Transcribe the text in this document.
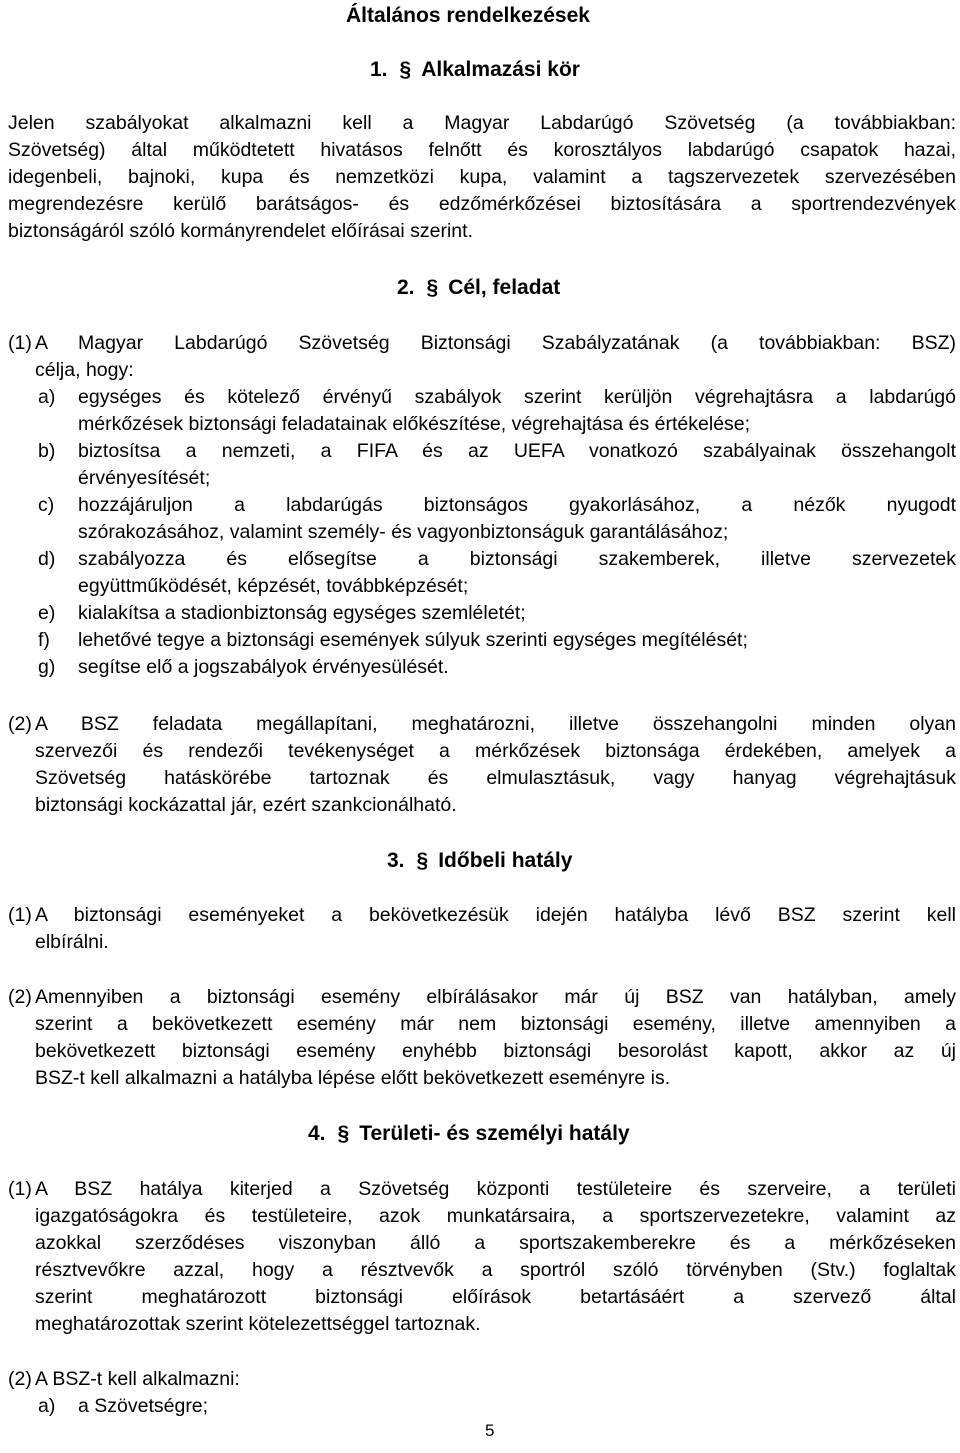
Általános rendelkezések
1. § Alkalmazási kör
Jelen szabályokat alkalmazni kell a Magyar Labdarúgó Szövetség (a továbbiakban:
Szövetség) által működtetett hivatásos felnőtt és korosztályos labdarúgó csapatok hazai,
idegenbeli, bajnoki, kupa és nemzetközi kupa, valamint a tagszervezetek szervezésében
megrendezésre kerülő barátságos- és edzőmérkőzései biztosítására a sportrendezvények
biztonságáról szóló kormányrendelet előírásai szerint.
2. § Cél, feladat
(1) A Magyar Labdarúgó Szövetség Biztonsági Szabályzatának (a továbbiakban: BSZ)
célja, hogy:
a) egységes és kötelező érvényű szabályok szerint kerüljön végrehajtásra a labdarúgó
mérkőzések biztonsági feladatainak előkészítése, végrehajtása és értékelése;
b) biztosítsa a nemzeti, a FIFA és az UEFA vonatkozó szabályainak összehangolt
érvényesítését;
c) hozzájáruljon a labdarúgás biztonságos gyakorlásához, a nézők nyugodt
szórakozásához, valamint személy- és vagyonbiztonságuk garantálásához;
d) szabályozza és elősegítse a biztonsági szakemberek, illetve szervezetek
együttműködését, képzését, továbbképzését;
e) kialakítsa a stadionbiztonság egységes szemléletét;
f) lehetővé tegye a biztonsági események súlyuk szerinti egységes megítélését;
g) segítse elő a jogszabályok érvényesülését.
(2) A BSZ feladata megállapítani, meghatározni, illetve összehangolni minden olyan
szervezői és rendezői tevékenységet a mérkőzések biztonsága érdekében, amelyek a
Szövetség hatáskörébe tartoznak és elmulasztásuk, vagy hanyag végrehajtásuk
biztonsági kockázattal jár, ezért szankcionálható.
3. § Időbeli hatály
(1) A biztonsági eseményeket a bekövetkezésük idején hatályba lévő BSZ szerint kell
elbírálni.
(2) Amennyiben a biztonsági esemény elbírálásakor már új BSZ van hatályban, amely
szerint a bekövetkezett esemény már nem biztonsági esemény, illetve amennyiben a
bekövetkezett biztonsági esemény enyhébb biztonsági besorolást kapott, akkor az új
BSZ-t kell alkalmazni a hatályba lépése előtt bekövetkezett eseményre is.
4. § Területi- és személyi hatály
(1) A BSZ hatálya kiterjed a Szövetség központi testületeire és szerveire, a területi
igazgatóságokra és testületeire, azok munkatársaira, a sportszervezetekre, valamint az
azokkal szerződéses viszonyban álló a sportszakemberekre és a mérkőzéseken
résztvevőkre azzal, hogy a résztvevők a sportról szóló törvényben (Stv.) foglaltak
szerint meghatározott biztonsági előírások betartásáért a szervező által
meghatározottak szerint kötelezettséggel tartoznak.
(2) A BSZ-t kell alkalmazni:
a) a Szövetségre;
5
